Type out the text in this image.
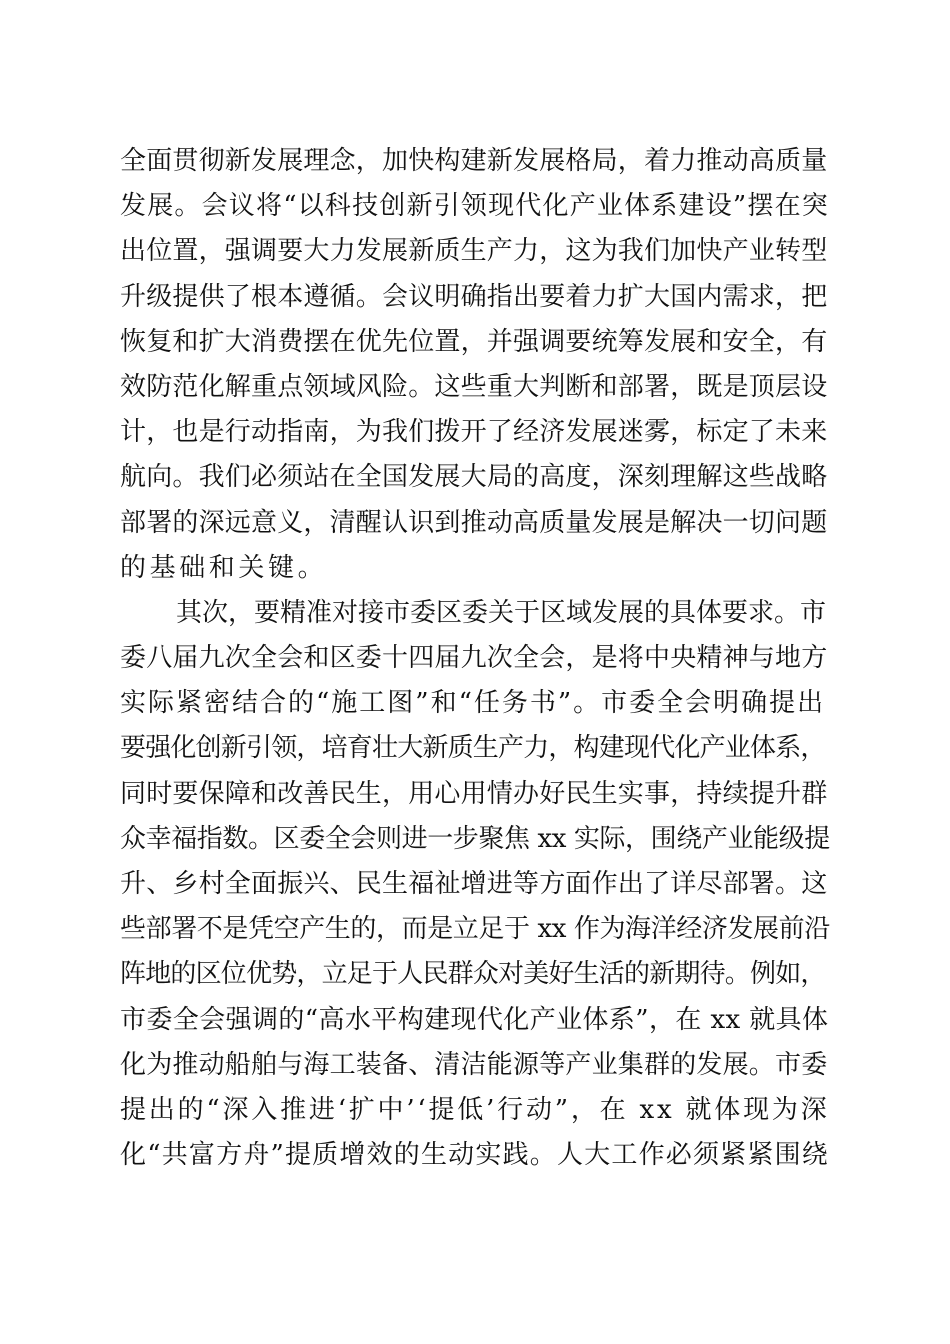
全面贯彻新发展理念，加快构建新发展格局，着力推动高质量
发展。会议将“以科技创新引领现代化产业体系建设”摆在突
出位置，强调要大力发展新质生产力，这为我们加快产业转型
升级提供了根本遵循。会议明确指出要着力扩大国内需求，把
恢复和扩大消费摆在优先位置，并强调要统筹发展和安全，有
效防范化解重点领域风险。这些重大判断和部署，既是顶层设
计，也是行动指南，为我们拨开了经济发展迷雾，标定了未来
航向。我们必须站在全国发展大局的高度，深刻理解这些战略
部署的深远意义，清醒认识到推动高质量发展是解决一切问题
的基础和关键。
其次，要精准对接市委区委关于区域发展的具体要求。市
委八届九次全会和区委十四届九次全会，是将中央精神与地方
实际紧密结合的“施工图”和“任务书”。市委全会明确提出
要强化创新引领，培育壮大新质生产力，构建现代化产业体系，
同时要保障和改善民生，用心用情办好民生实事，持续提升群
众幸福指数。区委全会则进一步聚焦 xx 实际，围绕产业能级提
升、乡村全面振兴、民生福祉增进等方面作出了详尽部署。这
些部署不是凭空产生的，而是立足于 xx 作为海洋经济发展前沿
阵地的区位优势，立足于人民群众对美好生活的新期待。例如，
市委全会强调的“高水平构建现代化产业体系”，在 xx 就具体
化为推动船舶与海工装备、清洁能源等产业集群的发展。市委
提出的“深入推进‘扩中’‘提低’行动”，在 xx 就体现为深
化“共富方舟”提质增效的生动实践。人大工作必须紧紧围绕
